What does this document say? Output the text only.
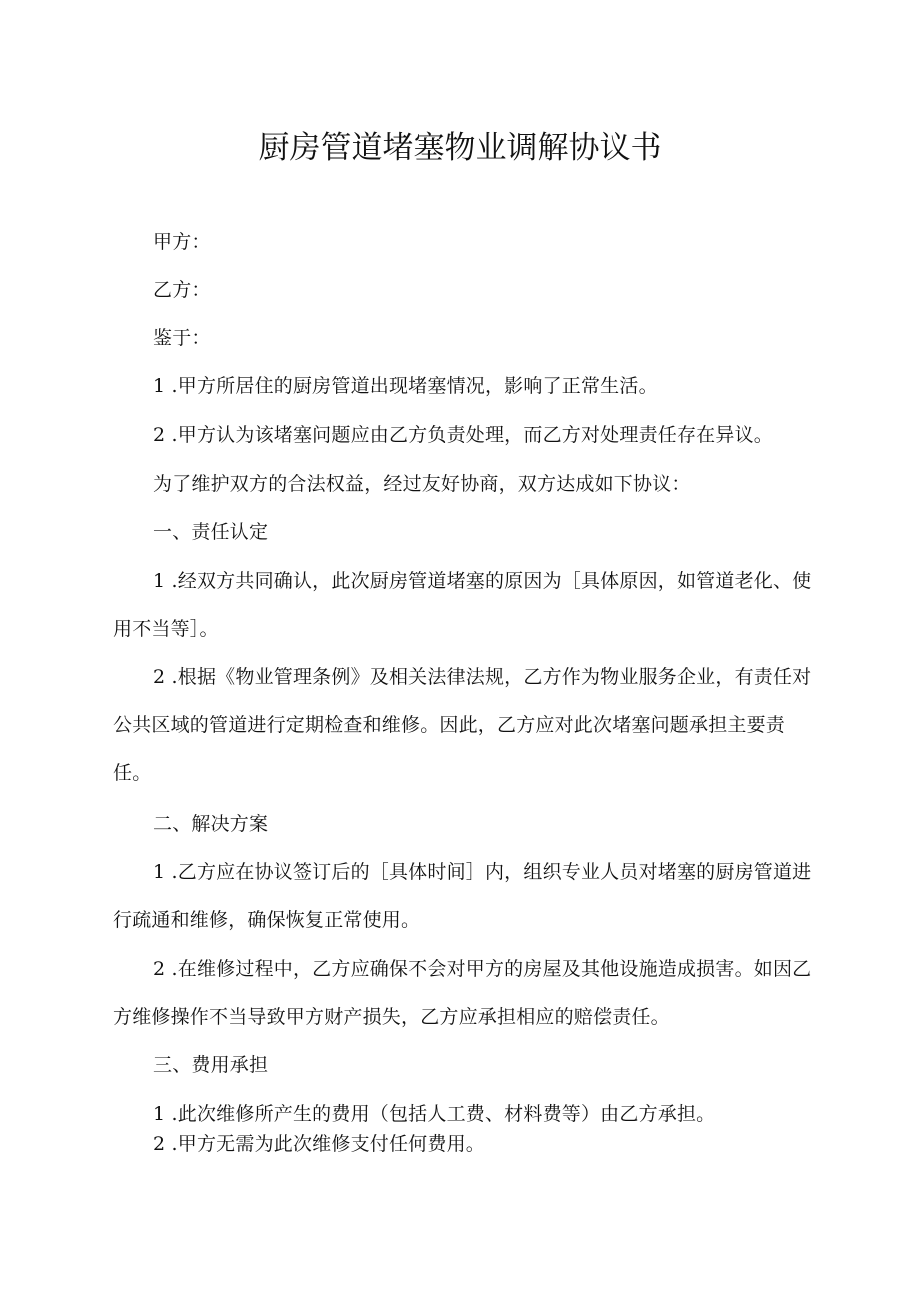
厨房管道堵塞物业调解协议书
甲方：
乙方：
鉴于：
1 .甲方所居住的厨房管道出现堵塞情况，影响了正常生活。
2 .甲方认为该堵塞问题应由乙方负责处理，而乙方对处理责任存在异议。
为了维护双方的合法权益，经过友好协商，双方达成如下协议：
一、责任认定
1 .经双方共同确认，此次厨房管道堵塞的原因为［具体原因，如管道老化、使用不当等］。
2 .根据《物业管理条例》及相关法律法规，乙方作为物业服务企业，有责任对公共区域的管道进行定期检查和维修。因此，乙方应对此次堵塞问题承担主要责任。
二、解决方案
1 .乙方应在协议签订后的［具体时间］内，组织专业人员对堵塞的厨房管道进行疏通和维修，确保恢复正常使用。
2 .在维修过程中，乙方应确保不会对甲方的房屋及其他设施造成损害。如因乙方维修操作不当导致甲方财产损失，乙方应承担相应的赔偿责任。
三、费用承担
1 .此次维修所产生的费用（包括人工费、材料费等）由乙方承担。
2 .甲方无需为此次维修支付任何费用。
